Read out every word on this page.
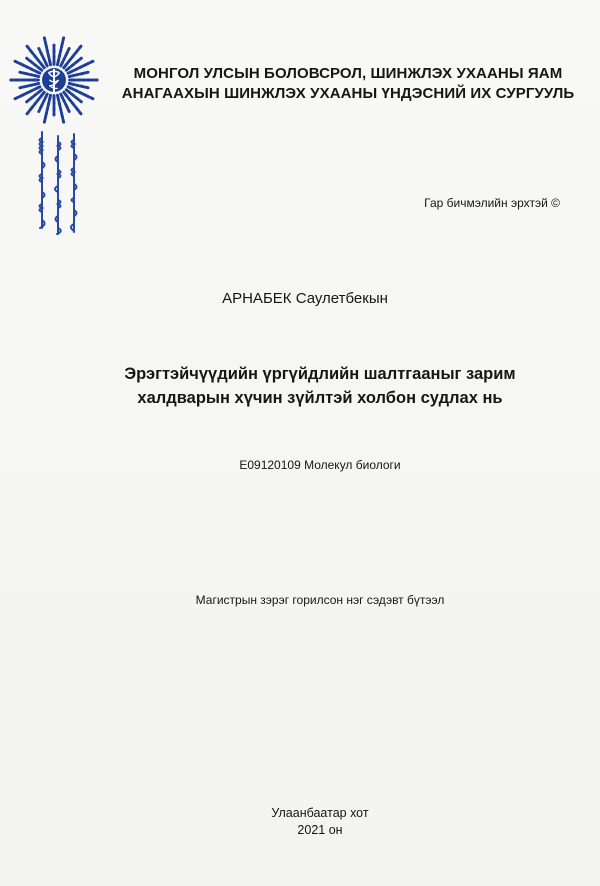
МОНГОЛ УЛСЫН БОЛОВСРОЛ, ШИНЖЛЭХ УХААНЫ ЯАМ
АНАГААХЫН ШИНЖЛЭХ УХААНЫ ҮНДЭСНИЙ ИХ СУРГУУЛЬ
Гар бичмэлийн эрхтэй ©
АРНАБЕК Саулетбекын
Эрэгтэйчүүдийн үргүйдлийн шалтгааныг зарим
халдварын хүчин зүйлтэй холбон судлах нь
E09120109 Молекул биологи
Магистрын зэрэг горилсон нэг сэдэвт бүтээл
Улаанбаатар хот
2021 он
